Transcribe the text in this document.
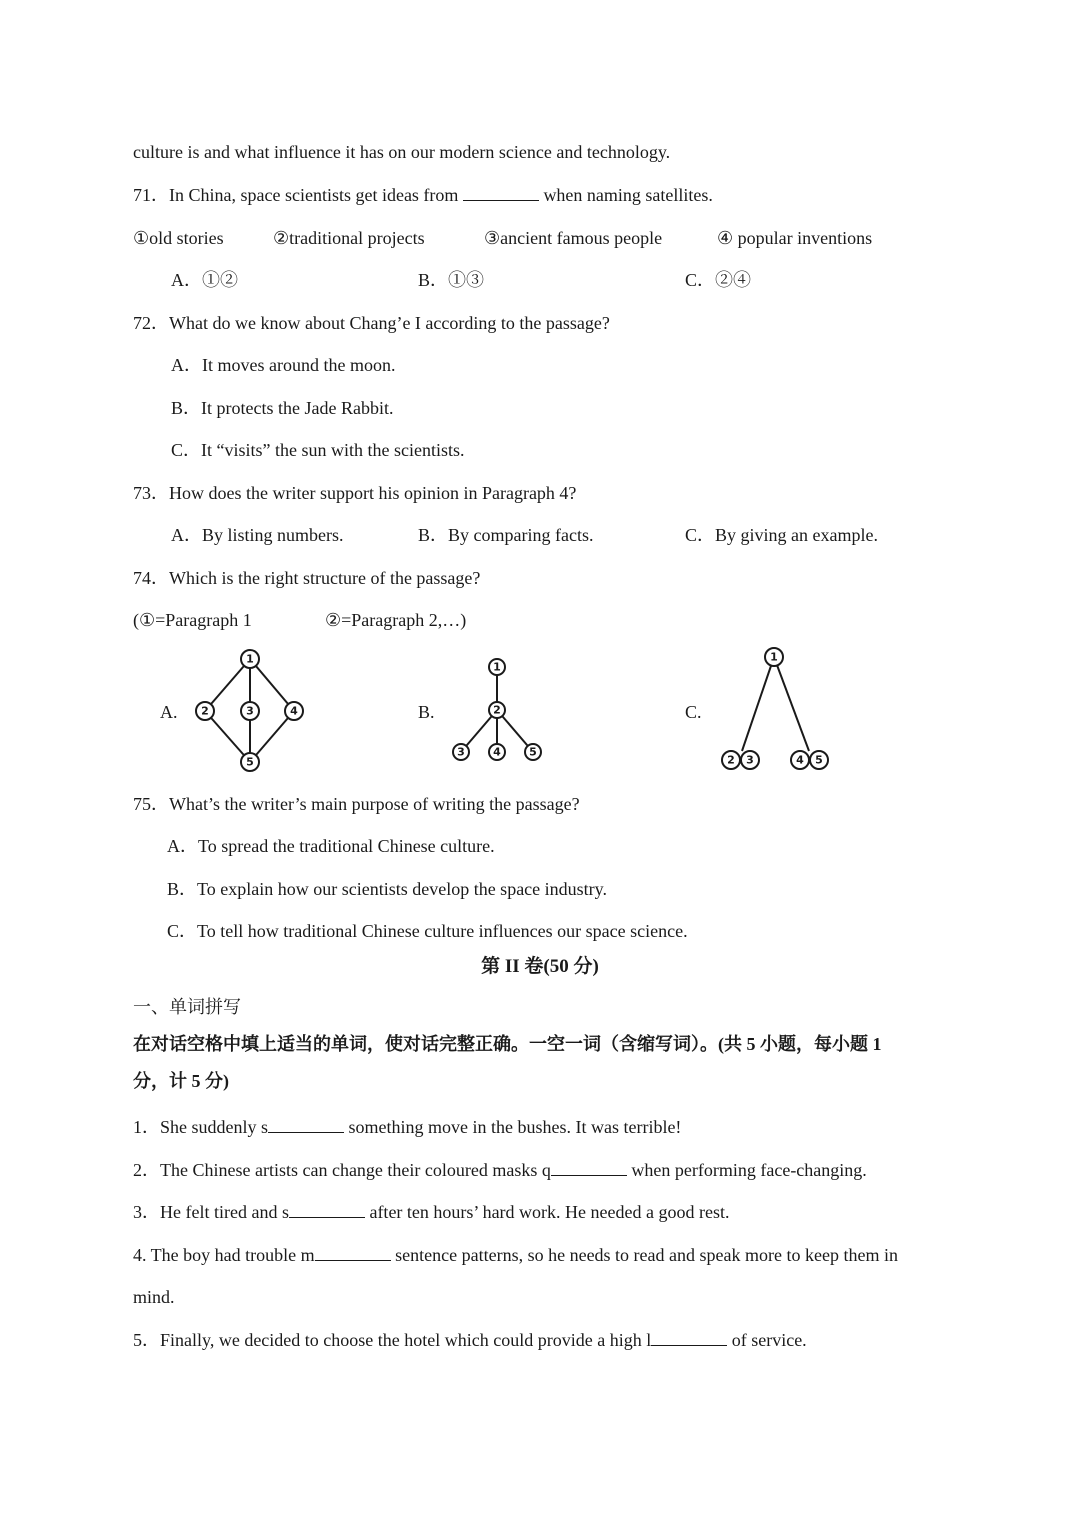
culture is and what influence it has on our modern science and technology.
71．In China, space scientists get ideas from	when naming satellites.
①old stories	②traditional projects	③ancient famous people	④ popular inventions
A．①②	B．①③	C．②④
72．What do we know about Chang’e I according to the passage?
A．It moves around the moon.
B．It protects the Jade Rabbit.
C．It “visits” the sun with the scientists.
73．How does the writer support his opinion in Paragraph 4?
A．By listing numbers.	B．By comparing facts.	C．By giving an example.
74．Which is the right structure of the passage?
(①=Paragraph 1	②=Paragraph 2,…)
A.	B.	C.
1
2	3	4
5
1
2
3	4	5
1
2 3	4 5
75．What’s the writer’s main purpose of writing the passage?
A．To spread the traditional Chinese culture.
B．To explain how our scientists develop the space industry.
C．To tell how traditional Chinese culture influences our space science.
第 II 卷(50 分)
一、单词拼写
在对话空格中填上适当的单词，使对话完整正确。一空一词（含缩写词）。(共 5 小题，每小题 1
分，计 5 分)
1．She suddenly s	something move in the bushes. It was terrible!
2．The Chinese artists can change their coloured masks q	when performing face-changing.
3．He felt tired and s	after ten hours’ hard work. He needed a good rest.
4. The boy had trouble m	sentence patterns, so he needs to read and speak more to keep them in
mind.
5．Finally, we decided to choose the hotel which could provide a high l	of service.
